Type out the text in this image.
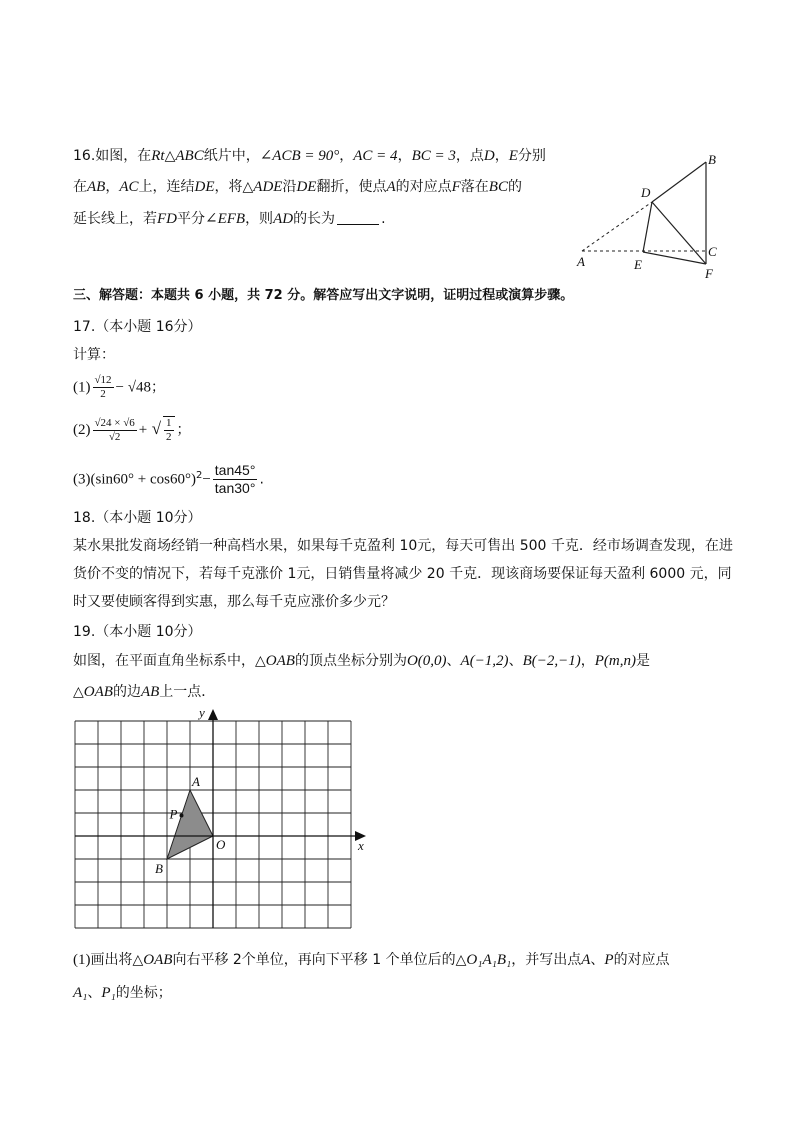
16.如图，在Rt△ABC纸片中，∠ACB = 90°，AC = 4，BC = 3，点D，E分别
在AB，AC上，连结DE，将△ADE沿DE翻折，使点A的对应点F落在BC的
延长线上，若FD平分∠EFB，则AD的长为	.
B
D
C
A	E
F
三、解答题：本题共 6 小题，共 72 分。解答应写出文字说明，证明过程或演算步骤。
17.（本小题 16分）
计算：
$(1) \frac{√12}{2} - √48$；
$(2) \frac{√24 \times √6}{√2}$ + √ $\frac{1}{2}$ ；
$(3)(\sin 60^\circ + \cos 60^\circ)^2- \frac{\tan 45^\circ}{\tan 30^\circ}$ .
18.（本小题 10分）
某水果批发商场经销一种高档水果，如果每千克盈利 10元，每天可售出 500 千克．经市场调查发现，在进
货价不变的情况下，若每千克涨价 1元，日销售量将减少 20 千克．现该商场要保证每天盈利 6000 元，同
时又要使顾客得到实惠，那么每千克应涨价多少元？
19.（本小题 10分）
如图，在平面直角坐标系中，△OAB的顶点坐标分别为O(0,0)、A(−1,2)、B(−2,−1)，P(m,n)是
△OAB的边AB上一点．
x
y
O
A
B
P
(1)画出将△OAB向右平移 2个单位，再向下平移 1 个单位后的△O₁A₁B₁，并写出点A、P的对应点
A₁、P₁的坐标；
